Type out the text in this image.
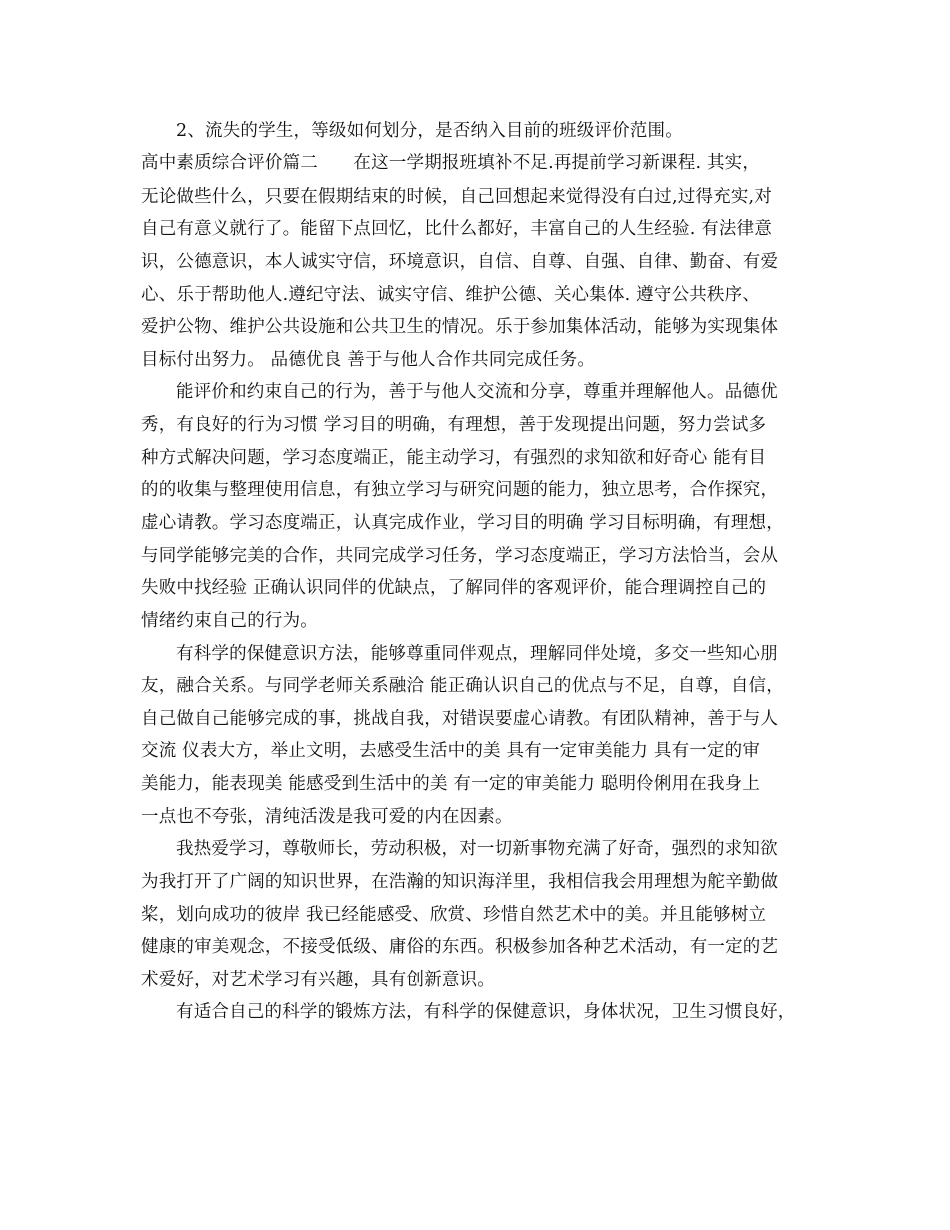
2、流失的学生，等级如何划分，是否纳入目前的班级评价范围。
高中素质综合评价篇二　　在这一学期报班填补不足.再提前学习新课程. 其实，
无论做些什么，只要在假期结束的时候，自己回想起来觉得没有白过,过得充实,对
自己有意义就行了。能留下点回忆，比什么都好，丰富自己的人生经验. 有法律意
识，公德意识，本人诚实守信，环境意识，自信、自尊、自强、自律、勤奋、有爱
心、乐于帮助他人.遵纪守法、诚实守信、维护公德、关心集体. 遵守公共秩序、
爱护公物、维护公共设施和公共卫生的情况。乐于参加集体活动，能够为实现集体
目标付出努力。 品德优良 善于与他人合作共同完成任务。
能评价和约束自己的行为，善于与他人交流和分享，尊重并理解他人。品德优
秀，有良好的行为习惯 学习目的明确，有理想，善于发现提出问题，努力尝试多
种方式解决问题，学习态度端正，能主动学习，有强烈的求知欲和好奇心 能有目
的的收集与整理使用信息，有独立学习与研究问题的能力，独立思考，合作探究，
虚心请教。学习态度端正，认真完成作业，学习目的明确 学习目标明确，有理想，
与同学能够完美的合作，共同完成学习任务，学习态度端正，学习方法恰当，会从
失败中找经验 正确认识同伴的优缺点，了解同伴的客观评价，能合理调控自己的
情绪约束自己的行为。
有科学的保健意识方法，能够尊重同伴观点，理解同伴处境，多交一些知心朋
友，融合关系。与同学老师关系融洽 能正确认识自己的优点与不足，自尊，自信，
自己做自己能够完成的事，挑战自我，对错误要虚心请教。有团队精神，善于与人
交流 仪表大方，举止文明，去感受生活中的美 具有一定审美能力 具有一定的审
美能力，能表现美 能感受到生活中的美 有一定的审美能力 聪明伶俐用在我身上
一点也不夸张，清纯活泼是我可爱的内在因素。
我热爱学习，尊敬师长，劳动积极，对一切新事物充满了好奇，强烈的求知欲
为我打开了广阔的知识世界，在浩瀚的知识海洋里，我相信我会用理想为舵辛勤做
桨，划向成功的彼岸 我已经能感受、欣赏、珍惜自然艺术中的美。并且能够树立
健康的审美观念，不接受低级、庸俗的东西。积极参加各种艺术活动，有一定的艺
术爱好，对艺术学习有兴趣，具有创新意识。
有适合自己的科学的锻炼方法，有科学的保健意识，身体状况，卫生习惯良好，
